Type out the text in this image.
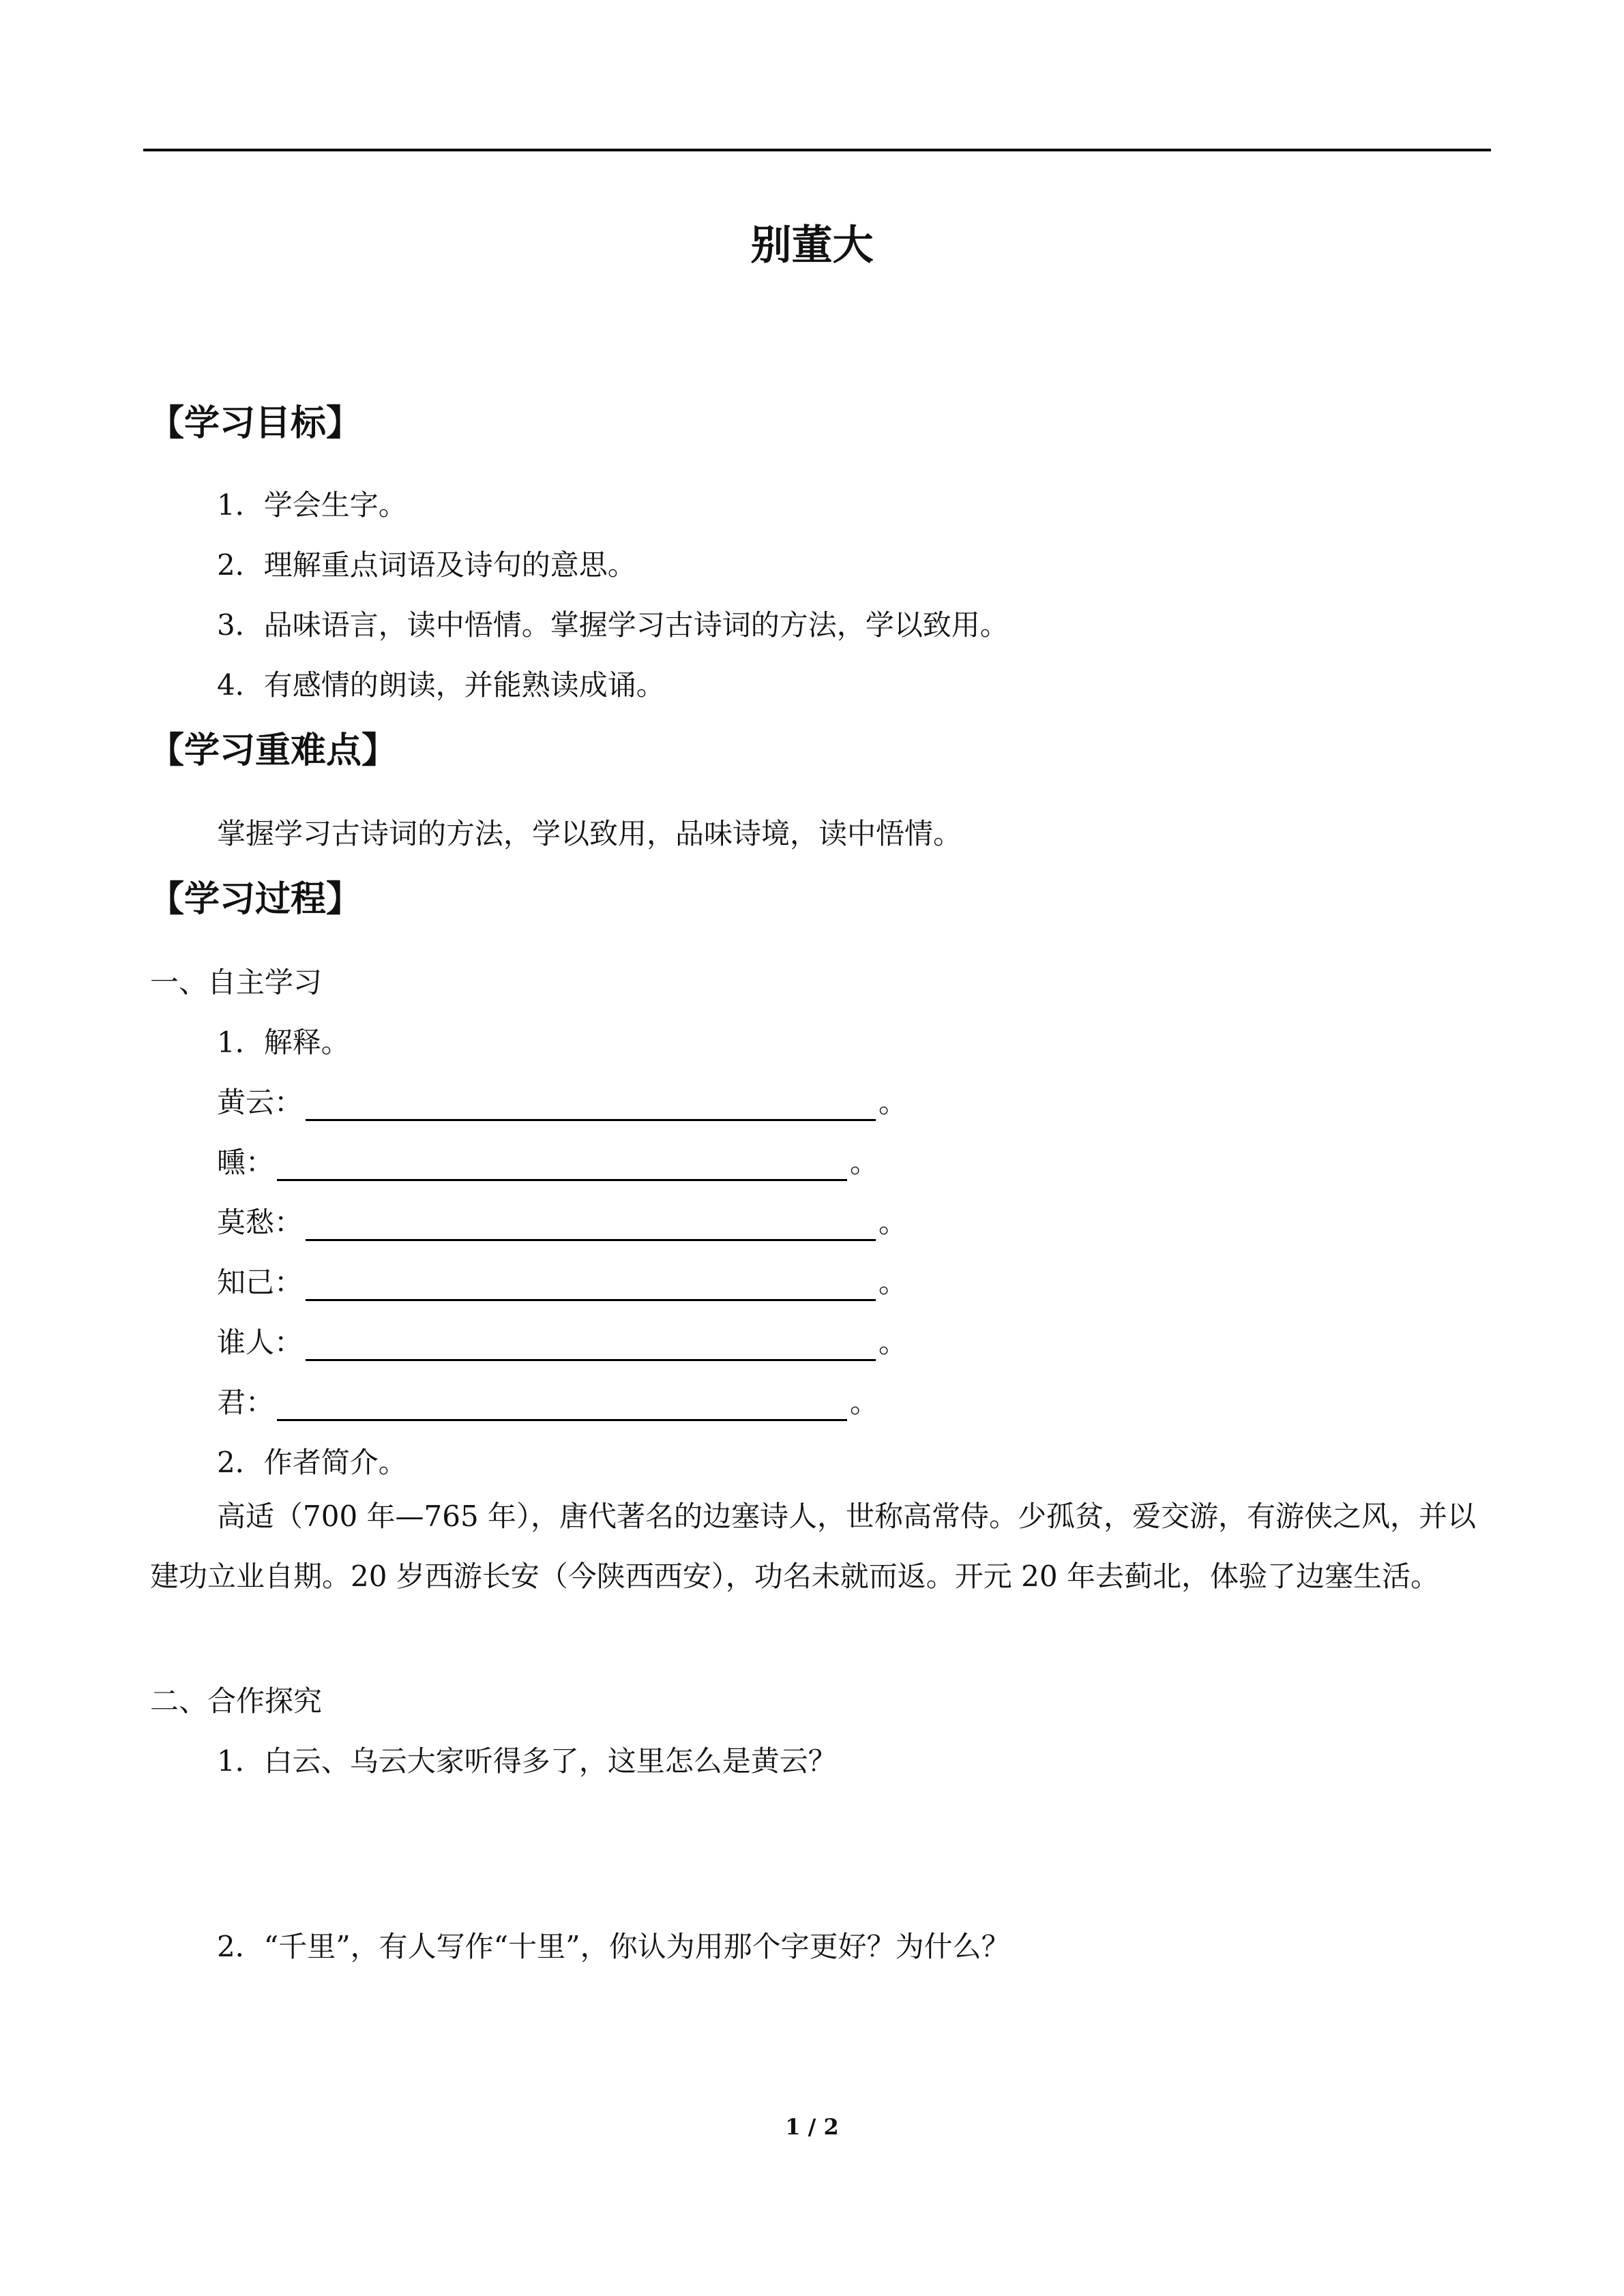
别董大
【学习目标】
1．学会生字。
2．理解重点词语及诗句的意思。
3．品味语言，读中悟情。掌握学习古诗词的方法，学以致用。
4．有感情的朗读，并能熟读成诵。
【学习重难点】
掌握学习古诗词的方法，学以致用，品味诗境，读中悟情。
【学习过程】
一、自主学习
1．解释。
黄云：	。
曛：	。
莫愁：	。
知己：	。
谁人：	。
君：	。
2．作者简介。
高适（700 年—765 年），唐代著名的边塞诗人，世称高常侍。少孤贫，爱交游，有游侠之风，并以建功立业自期。20 岁西游长安（今陕西西安），功名未就而返。开元 20 年去蓟北，体验了边塞生活。
二、合作探究
1．白云、乌云大家听得多了，这里怎么是黄云？
2．“千里”，有人写作“十里”，你认为用那个字更好？为什么？
1 / 2
